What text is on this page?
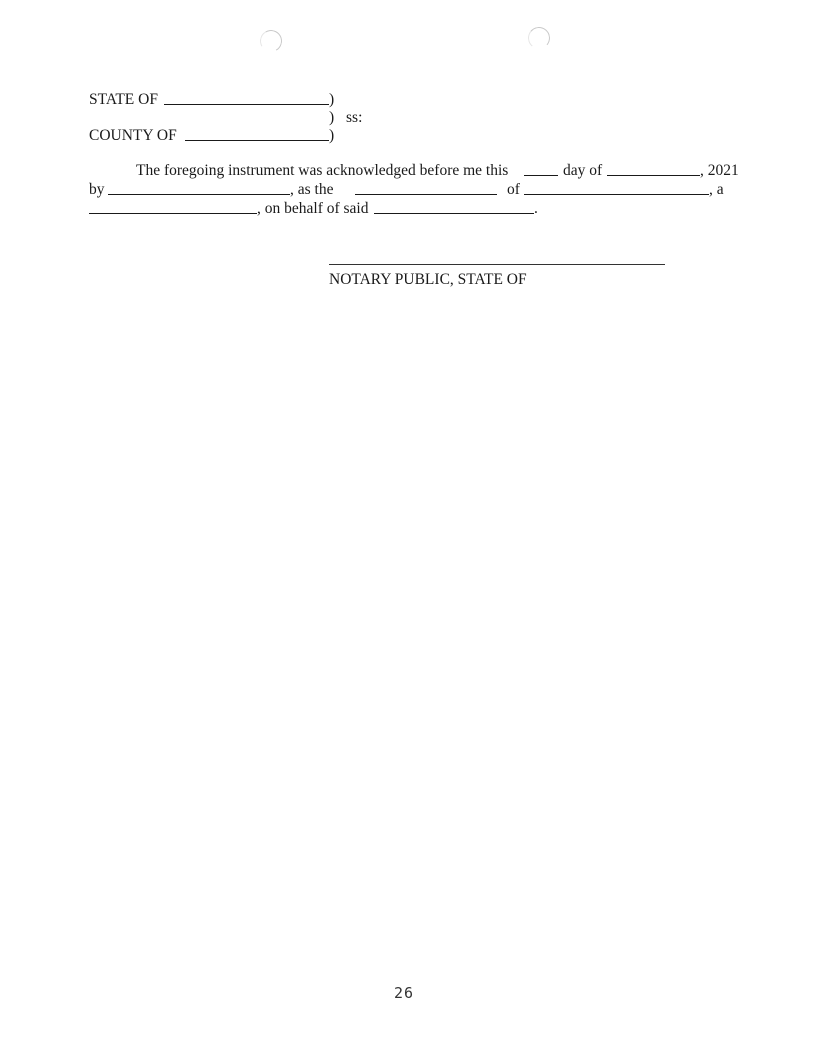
STATE OF	)
) ss:
COUNTY OF	)
The foregoing instrument was acknowledged before me this	day of	, 2021
by	, as the	of	, a
, on behalf of said	.
NOTARY PUBLIC, STATE OF
26
